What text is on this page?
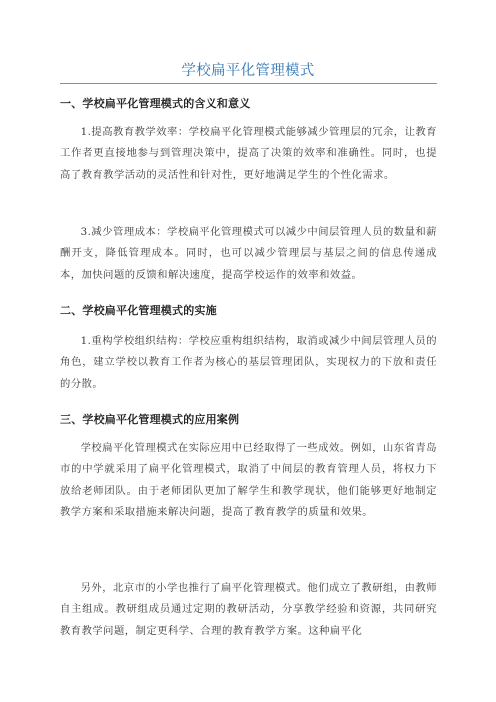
学校扁平化管理模式
一、学校扁平化管理模式的含义和意义

1.提高教育教学效率：学校扁平化管理模式能够减少管理层的冗余，让教育工作者更直接地参与到管理决策中，提高了决策的效率和准确性。同时，也提高了教育教学活动的灵活性和针对性，更好地满足学生的个性化需求。

3.减少管理成本：学校扁平化管理模式可以减少中间层管理人员的数量和薪酬开支，降低管理成本。同时，也可以减少管理层与基层之间的信息传递成本，加快问题的反馈和解决速度，提高学校运作的效率和效益。

二、学校扁平化管理模式的实施

1.重构学校组织结构：学校应重构组织结构，取消或减少中间层管理人员的角色，建立学校以教育工作者为核心的基层管理团队，实现权力的下放和责任的分散。

三、学校扁平化管理模式的应用案例

学校扁平化管理模式在实际应用中已经取得了一些成效。例如，山东省青岛市的中学就采用了扁平化管理模式，取消了中间层的教育管理人员，将权力下放给老师团队。由于老师团队更加了解学生和教学现状，他们能够更好地制定教学方案和采取措施来解决问题，提高了教育教学的质量和效果。

另外，北京市的小学也推行了扁平化管理模式。他们成立了教研组，由教师自主组成。教研组成员通过定期的教研活动，分享教学经验和资源，共同研究教育教学问题，制定更科学、合理的教育教学方案。这种扁平化
